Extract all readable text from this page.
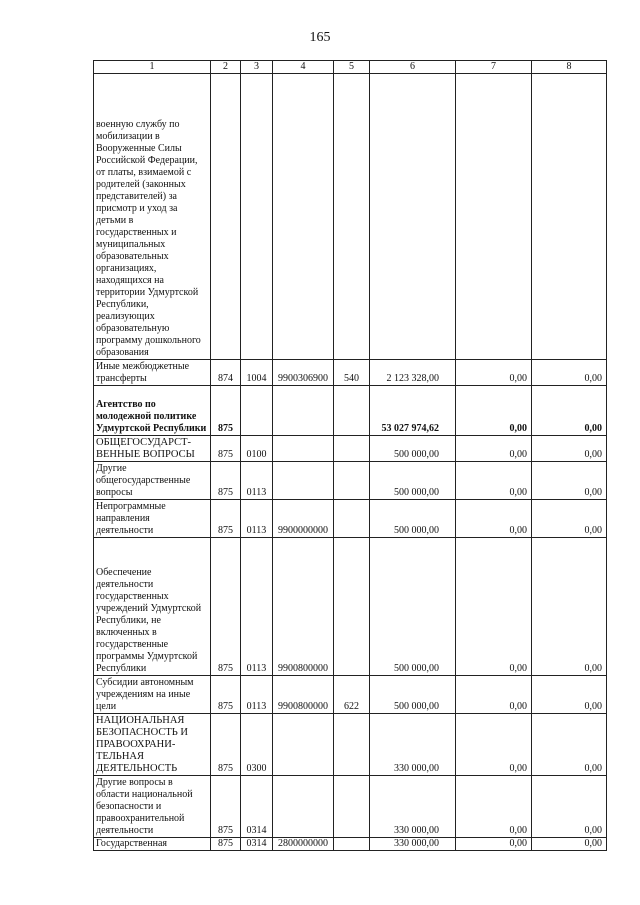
165
1	2	3	4	5	6	7	8
военную службу по мобилизации в Вооруженные Силы Российской Федерации, от платы, взимаемой с родителей (законных представителей) за присмотр и уход за детьми в государственных и муниципальных образовательных организациях, находящихся на территории Удмуртской Республики, реализующих образовательную программу дошкольного образования							
Иные межбюджетные трансферты	874	1004	9900306900	540	2 123 328,00	0,00	0,00
Агентство по молодежной политике Удмуртской Республики	875				53 027 974,62	0,00	0,00
ОБЩЕГОСУДАРСТ-ВЕННЫЕ ВОПРОСЫ	875	0100			500 000,00	0,00	0,00
Другие общегосударственные вопросы	875	0113			500 000,00	0,00	0,00
Непрограммные направления деятельности	875	0113	9900000000		500 000,00	0,00	0,00
Обеспечение деятельности государственных учреждений Удмуртской Республики, не включенных в государственные программы Удмуртской Республики	875	0113	9900800000		500 000,00	0,00	0,00
Субсидии автономным учреждениям на иные цели	875	0113	9900800000	622	500 000,00	0,00	0,00
НАЦИОНАЛЬНАЯ БЕЗОПАСНОСТЬ И ПРАВООХРАНИ-ТЕЛЬНАЯ ДЕЯТЕЛЬНОСТЬ	875	0300			330 000,00	0,00	0,00
Другие вопросы в области национальной безопасности и правоохранительной деятельности	875	0314			330 000,00	0,00	0,00
Государственная	875	0314	2800000000		330 000,00	0,00	0,00
